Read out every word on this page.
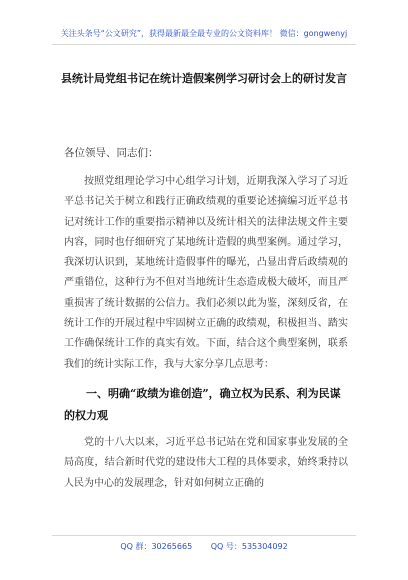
关注头条号“公文研究”，获得最新最全最专业的公文资料库！ 微信：gongwenyj
县统计局党组书记在统计造假案例学习研讨会上的研讨发言
各位领导、同志们：

按照党组理论学习中心组学习计划，近期我深入学习了习近平总书记关于树立和践行正确政绩观的重要论述摘编习近平总书记对统计工作的重要指示精神以及统计相关的法律法规文件主要内容，同时也仔细研究了某地统计造假的典型案例。通过学习，我深切认识到，某地统计造假事件的曝光，凸显出背后政绩观的严重错位，这种行为不但对当地统计生态造成极大破坏，而且严重损害了统计数据的公信力。我们必须以此为鉴，深刻反省，在统计工作的开展过程中牢固树立正确的政绩观，积极担当、踏实工作确保统计工作的真实有效。下面，结合这个典型案例，联系我们的统计实际工作，我与大家分享几点思考：

一、明确“政绩为谁创造”，确立权为民系、利为民谋的权力观

党的十八大以来，习近平总书记站在党和国家事业发展的全局高度，结合新时代党的建设伟大工程的具体要求，始终秉持以人民为中心的发展理念，针对如何树立正确的

QQ 群：30265665 QQ 号：535304092
